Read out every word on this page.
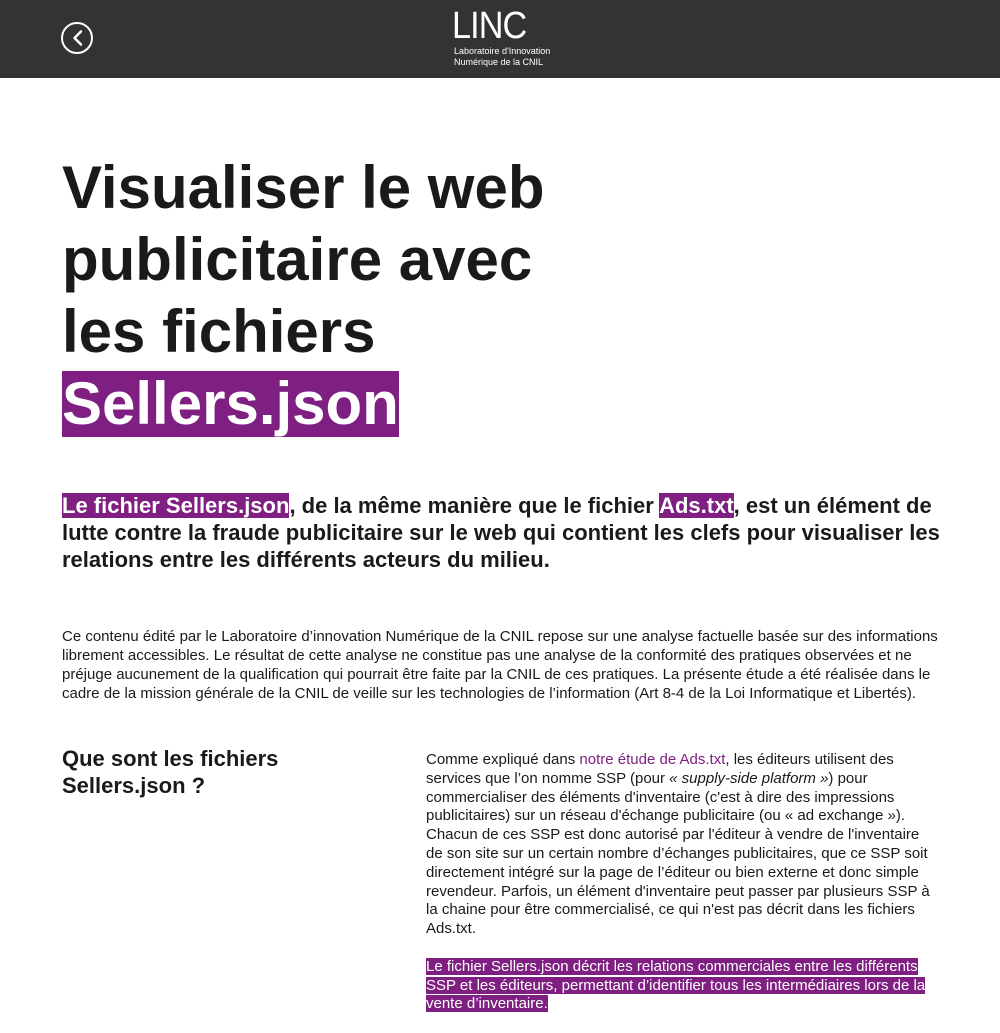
LINC
Laboratoire d'Innovation
Numérique de la CNIL
Visualiser le web
publicitaire avec
les fichiers
Sellers.json

Le fichier Sellers.json, de la même manière que le fichier Ads.txt, est un élément de lutte contre la fraude publicitaire sur le web qui contient les clefs pour visualiser les relations entre les différents acteurs du milieu.

Ce contenu édité par le Laboratoire d’innovation Numérique de la CNIL repose sur une analyse factuelle basée sur des informations librement accessibles. Le résultat de cette analyse ne constitue pas une analyse de la conformité des pratiques observées et ne préjuge aucunement de la qualification qui pourrait être faite par la CNIL de ces pratiques. La présente étude a été réalisée dans le cadre de la mission générale de la CNIL de veille sur les technologies de l’information (Art 8-4 de la Loi Informatique et Libertés).

Que sont les fichiers Sellers.json ?

Comme expliqué dans notre étude de Ads.txt, les éditeurs utilisent des services que l’on nomme SSP (pour « supply-side platform ») pour commercialiser des éléments d'inventaire (c'est à dire des impressions publicitaires) sur un réseau d'échange publicitaire (ou « ad exchange »). Chacun de ces SSP est donc autorisé par l'éditeur à vendre de l'inventaire de son site sur un certain nombre d’échanges publicitaires, que ce SSP soit directement intégré sur la page de l’éditeur ou bien externe et donc simple revendeur. Parfois, un élément d'inventaire peut passer par plusieurs SSP à la chaine pour être commercialisé, ce qui n'est pas décrit dans les fichiers Ads.txt.

Le fichier Sellers.json décrit les relations commerciales entre les différents SSP et les éditeurs, permettant d’identifier tous les intermédiaires lors de la vente d’inventaire.
